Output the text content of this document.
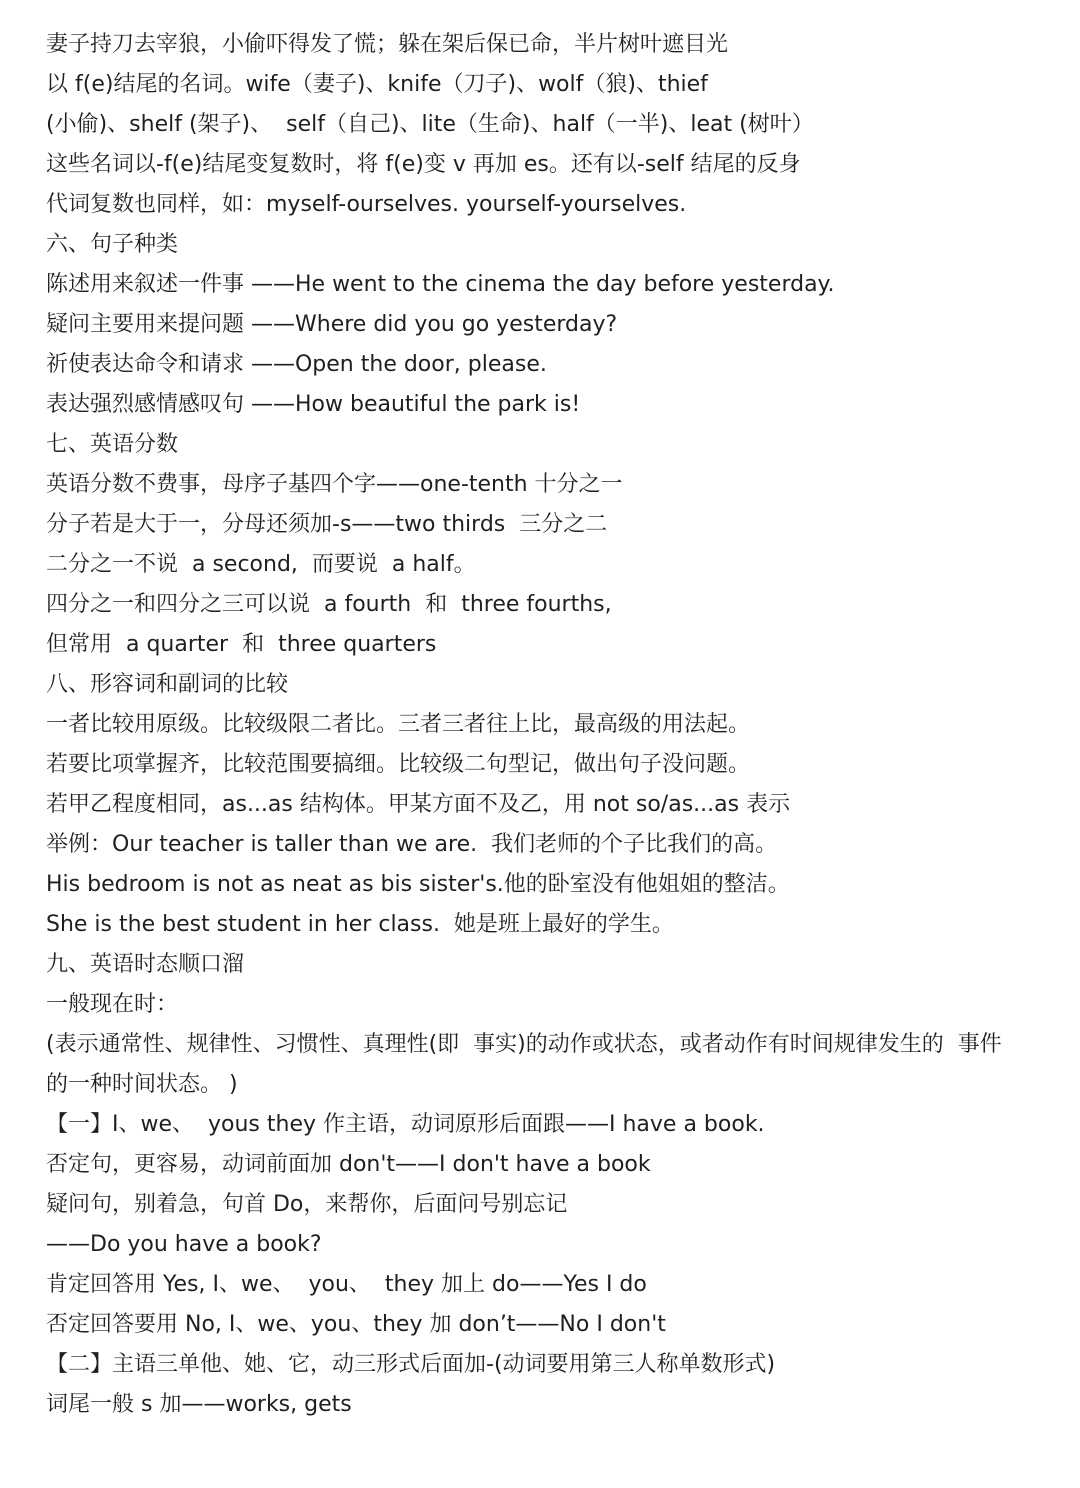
妻子持刀去宰狼，小偷吓得发了慌；躲在架后保已命，半片树叶遮目光
以 f(e)结尾的名词。wife（妻子)、knife（刀子)、wolf（狼)、thief
(小偷)、shelf (架子)、  self（自己)、lite（生命)、half（一半)、leat (树叶）
这些名词以-f(e)结尾变复数时，将 f(e)变 v 再加 es。还有以-self 结尾的反身
代词复数也同样，如：myself-ourselves. yourself-yourselves.
六、句子种类
陈述用来叙述一件事 ——He went to the cinema the day before yesterday.
疑问主要用来提问题 ——Where did you go yesterday?
祈使表达命令和请求 ——Open the door, please.
表达强烈感情感叹句 ——How beautiful the park is!
七、英语分数
英语分数不费事，母序子基四个字——one-tenth 十分之一
分子若是大于一，分母还须加-s——two thirds  三分之二
二分之一不说  a second,  而要说  a half。
四分之一和四分之三可以说  a fourth  和  three fourths,
但常用  a quarter  和  three quarters
八、形容词和副词的比较
一者比较用原级。比较级限二者比。三者三者往上比，最高级的用法起。
若要比项掌握齐，比较范围要搞细。比较级二句型记，做出句子没问题。
若甲乙程度相同，as...as 结构体。甲某方面不及乙，用 not so/as...as 表示
举例：Our teacher is taller than we are.  我们老师的个子比我们的高。
His bedroom is not as neat as bis sister's.他的卧室没有他姐姐的整洁。
She is the best student in her class.  她是班上最好的学生。
九、英语时态顺口溜
一般现在时：
(表示通常性、规律性、习惯性、真理性(即  事实)的动作或状态，或者动作有时间规律发生的  事件
的一种时间状态。 )
【一】I、we、  yous they 作主语，动词原形后面跟——I have a book.
否定句，更容易，动词前面加 don't——I don't have a book
疑问句，别着急，句首 Do，来帮你，后面问号别忘记
——Do you have a book?
肯定回答用 Yes, I、we、  you、  they 加上 do——Yes I do
否定回答要用 No, I、we、you、they 加 don’t——No I don't
【二】主语三单他、她、它，动三形式后面加-(动词要用第三人称单数形式)
词尾一般 s 加——works, gets
